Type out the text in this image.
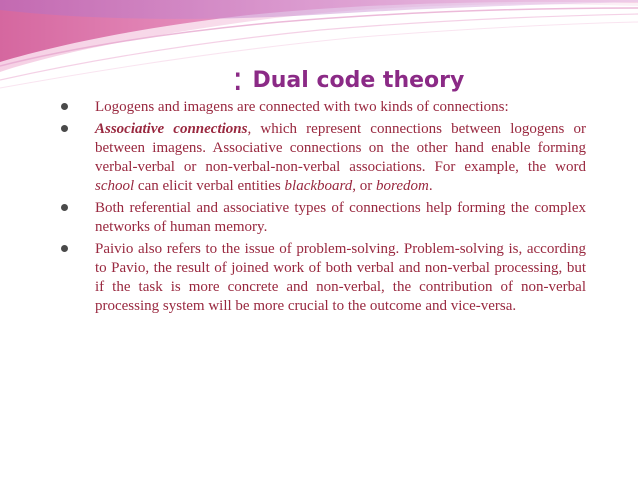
: Dual code theory
Logogens and imagens are connected with two kinds of connections:
Associative connections, which represent connections between logogens or between imagens. Associative connections on the other hand enable forming verbal-verbal or non-verbal-non-verbal associations. For example, the word school can elicit verbal entities blackboard, or boredom.
Both referential and associative types of connections help forming the complex networks of human memory.
Paivio also refers to the issue of problem-solving. Problem-solving is, according to Pavio, the result of joined work of both verbal and non-verbal processing, but if the task is more concrete and non-verbal, the contribution of non-verbal processing system will be more crucial to the outcome and vice-versa.
